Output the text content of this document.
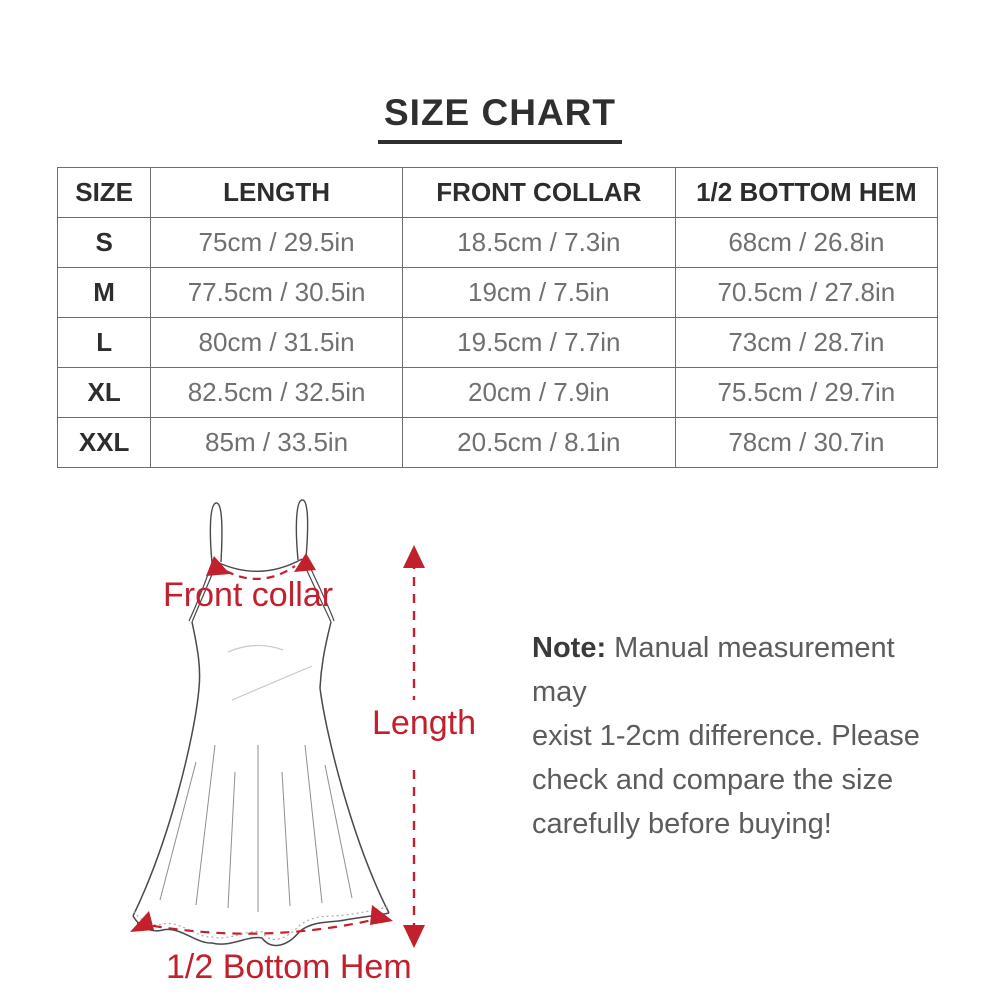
SIZE CHART
SIZE	LENGTH	FRONT COLLAR	1/2 BOTTOM HEM
S	75cm / 29.5in	18.5cm / 7.3in	68cm / 26.8in
M	77.5cm / 30.5in	19cm / 7.5in	70.5cm / 27.8in
L	80cm / 31.5in	19.5cm / 7.7in	73cm / 28.7in
XL	82.5cm / 32.5in	20cm / 7.9in	75.5cm / 29.7in
XXL	85m / 33.5in	20.5cm / 8.1in	78cm / 30.7in
Front collar
Length
1/2 Bottom Hem
Note: Manual measurement may
exist 1-2cm difference. Please
check and compare the size
carefully before buying!
